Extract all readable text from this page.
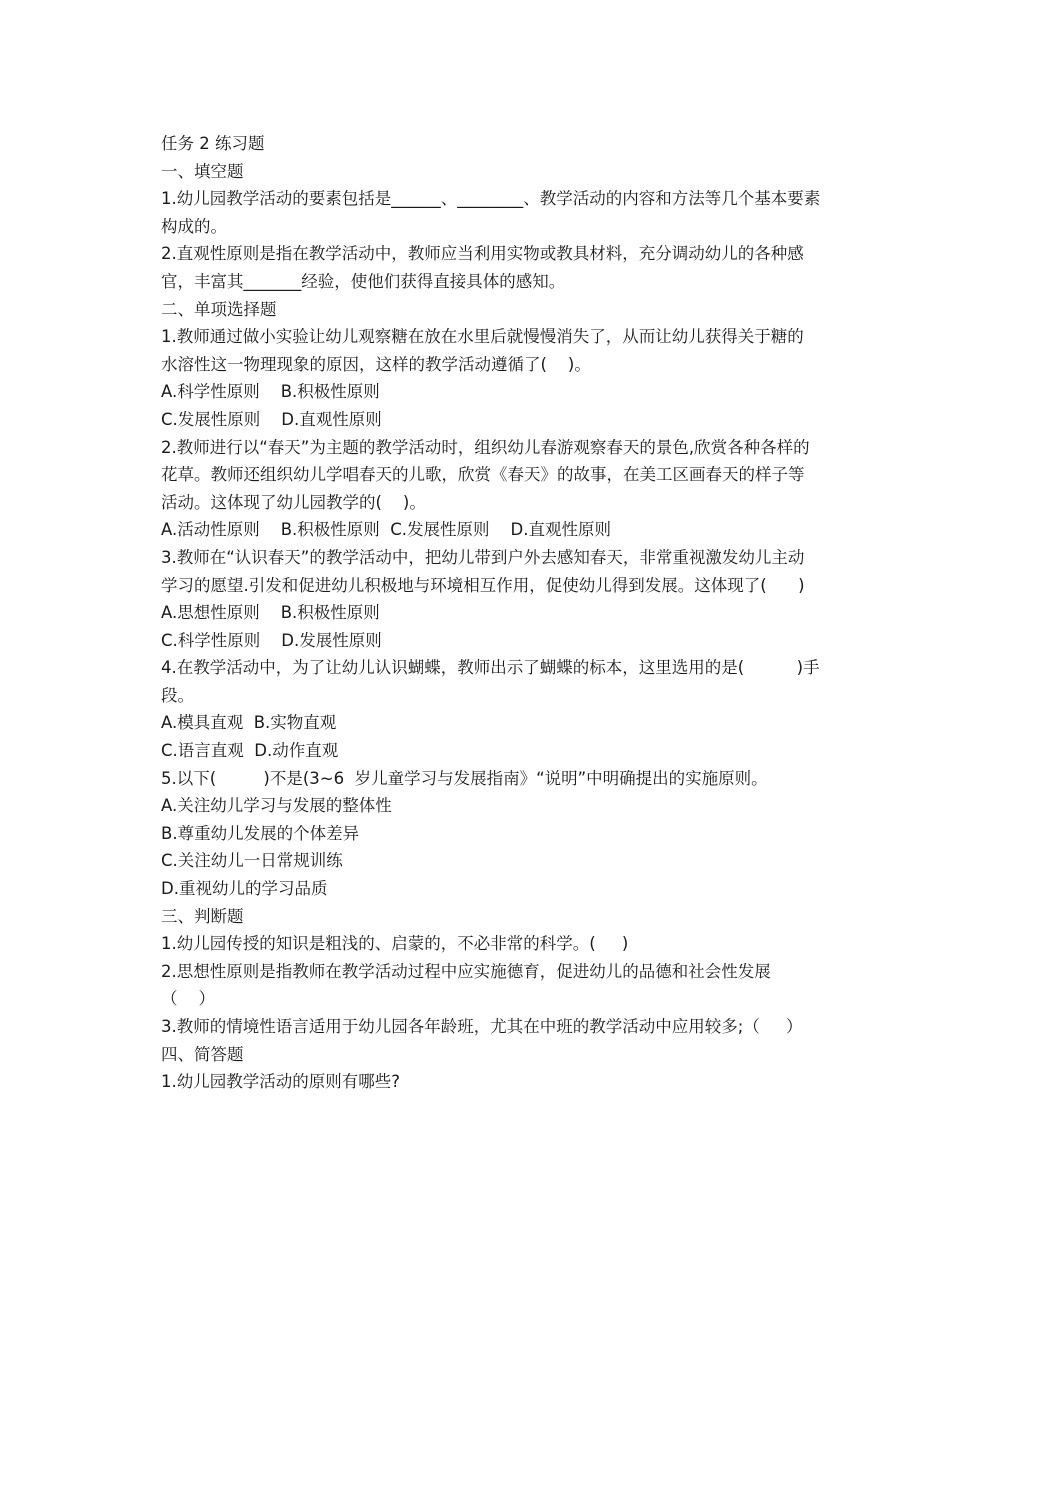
任务 2 练习题
一、填空题
1.幼儿园教学活动的要素包括是______、________、教学活动的内容和方法等几个基本要素
构成的。
2.直观性原则是指在教学活动中，教师应当利用实物或教具材料，充分调动幼儿的各种感
官，丰富其_______经验，使他们获得直接具体的感知。
二、单项选择题
1.教师通过做小实验让幼儿观察糖在放在水里后就慢慢消失了，从而让幼儿获得关于糖的
水溶性这一物理现象的原因，这样的教学活动遵循了(    )。
A.科学性原则    B.积极性原则
C.发展性原则    D.直观性原则
2.教师进行以“春天”为主题的教学活动时，组织幼儿春游观察春天的景色,欣赏各种各样的
花草。教师还组织幼儿学唱春天的儿歌，欣赏《春天》的故事，在美工区画春天的样子等
活动。这体现了幼儿园教学的(    )。
A.活动性原则    B.积极性原则  C.发展性原则    D.直观性原则
3.教师在“认识春天”的教学活动中，把幼儿带到户外去感知春天，非常重视激发幼儿主动
学习的愿望.引发和促进幼儿积极地与环境相互作用，促使幼儿得到发展。这体现了(      )
A.思想性原则    B.积极性原则
C.科学性原则    D.发展性原则
4.在教学活动中，为了让幼儿认识蝴蝶，教师出示了蝴蝶的标本，这里选用的是(          )手
段。
A.模具直观  B.实物直观
C.语言直观  D.动作直观
5.以下(         )不是(3~6  岁儿童学习与发展指南》“说明”中明确提出的实施原则。
A.关注幼儿学习与发展的整体性
B.尊重幼儿发展的个体差异
C.关注幼儿一日常规训练
D.重视幼儿的学习品质
三、判断题
1.幼儿园传授的知识是粗浅的、启蒙的，不必非常的科学。(     )
2.思想性原则是指教师在教学活动过程中应实施德育，促进幼儿的品德和社会性发展
（    ）
3.教师的情境性语言适用于幼儿园各年龄班，尤其在中班的教学活动中应用较多;（     ）
四、简答题
1.幼儿园教学活动的原则有哪些?
